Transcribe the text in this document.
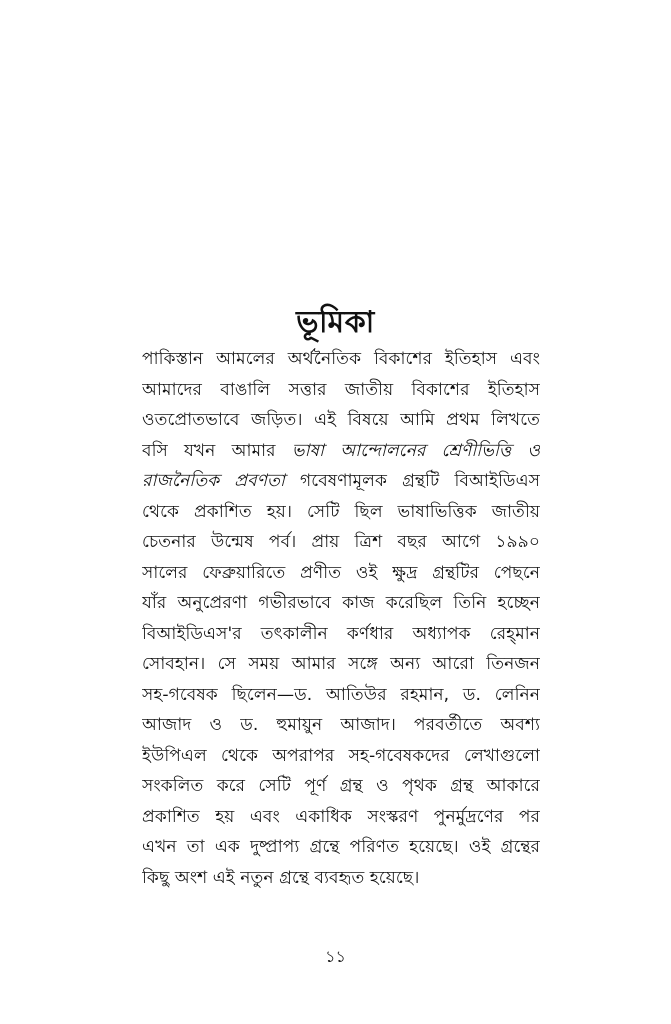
ভূমিকা
পাকিস্তান আমলের অর্থনৈতিক বিকাশের ইতিহাস এবং
আমাদের বাঙালি সত্তার জাতীয় বিকাশের ইতিহাস
ওতপ্রোতভাবে জড়িত। এই বিষয়ে আমি প্রথম লিখতে
বসি যখন আমার ভাষা আন্দোলনের শ্রেণীভিত্তি ও
রাজনৈতিক প্রবণতা গবেষণামূলক গ্রন্থটি বিআইডিএস
থেকে প্রকাশিত হয়। সেটি ছিল ভাষাভিত্তিক জাতীয়
চেতনার উন্মেষ পর্ব। প্রায় ত্রিশ বছর আগে ১৯৯০
সালের ফেব্রুয়ারিতে প্রণীত ওই ক্ষুদ্র গ্রন্থটির পেছনে
যাঁর অনুপ্রেরণা গভীরভাবে কাজ করেছিল তিনি হচ্ছেন
বিআইডিএস'র তৎকালীন কর্ণধার অধ্যাপক রেহ্‌মান
সোবহান। সে সময় আমার সঙ্গে অন্য আরো তিনজন
সহ-গবেষক ছিলেন—ড. আতিউর রহমান, ড. লেনিন
আজাদ ও ড. হুমায়ুন আজাদ। পরবর্তীতে অবশ্য
ইউপিএল থেকে অপরাপর সহ-গবেষকদের লেখাগুলো
সংকলিত করে সেটি পূর্ণ গ্রন্থ ও পৃথক গ্রন্থ আকারে
প্রকাশিত হয় এবং একাধিক সংস্করণ পুনর্মুদ্রণের পর
এখন তা এক দুষ্প্রাপ্য গ্রন্থে পরিণত হয়েছে। ওই গ্রন্থের
কিছু অংশ এই নতুন গ্রন্থে ব্যবহৃত হয়েছে।
১১
